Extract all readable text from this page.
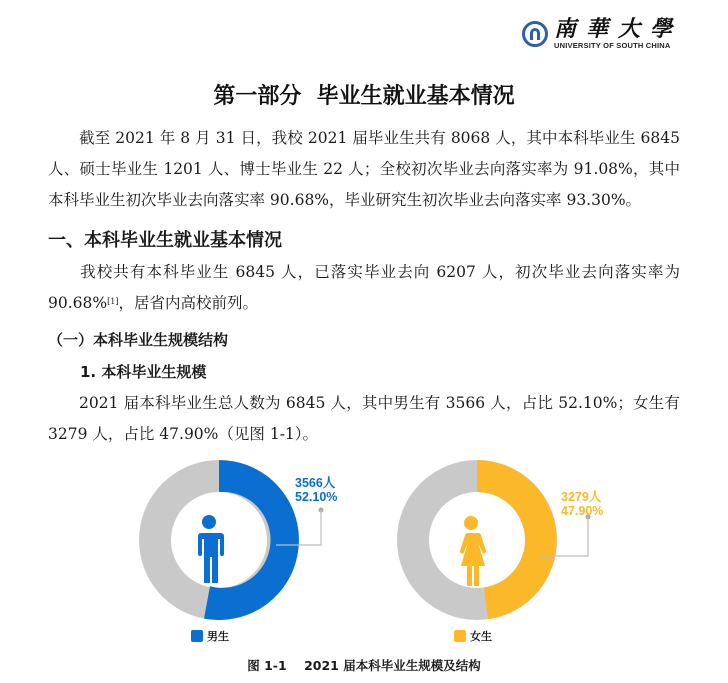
南華大學
UNIVERSITY OF SOUTH CHINA
第一部分  毕业生就业基本情况
截至 2021 年 8 月 31 日，我校 2021 届毕业生共有 8068 人，其中本科毕业生 6845 人、硕士毕业生 1201 人、博士毕业生 22 人；全校初次毕业去向落实率为 91.08%，其中本科毕业生初次毕业去向落实率 90.68%，毕业研究生初次毕业去向落实率 93.30%。
一、本科毕业生就业基本情况
我校共有本科毕业生 6845 人，已落实毕业去向 6207 人，初次毕业去向落实率为 90.68%[1]，居省内高校前列。
（一）本科毕业生规模结构
1. 本科毕业生规模
2021 届本科毕业生总人数为 6845 人，其中男生有 3566 人，占比 52.10%；女生有 3279 人，占比 47.90%（见图 1-1）。
3566人
52.10%
男生
3279人
47.90%
女生
图 1-1    2021 届本科毕业生规模及结构
